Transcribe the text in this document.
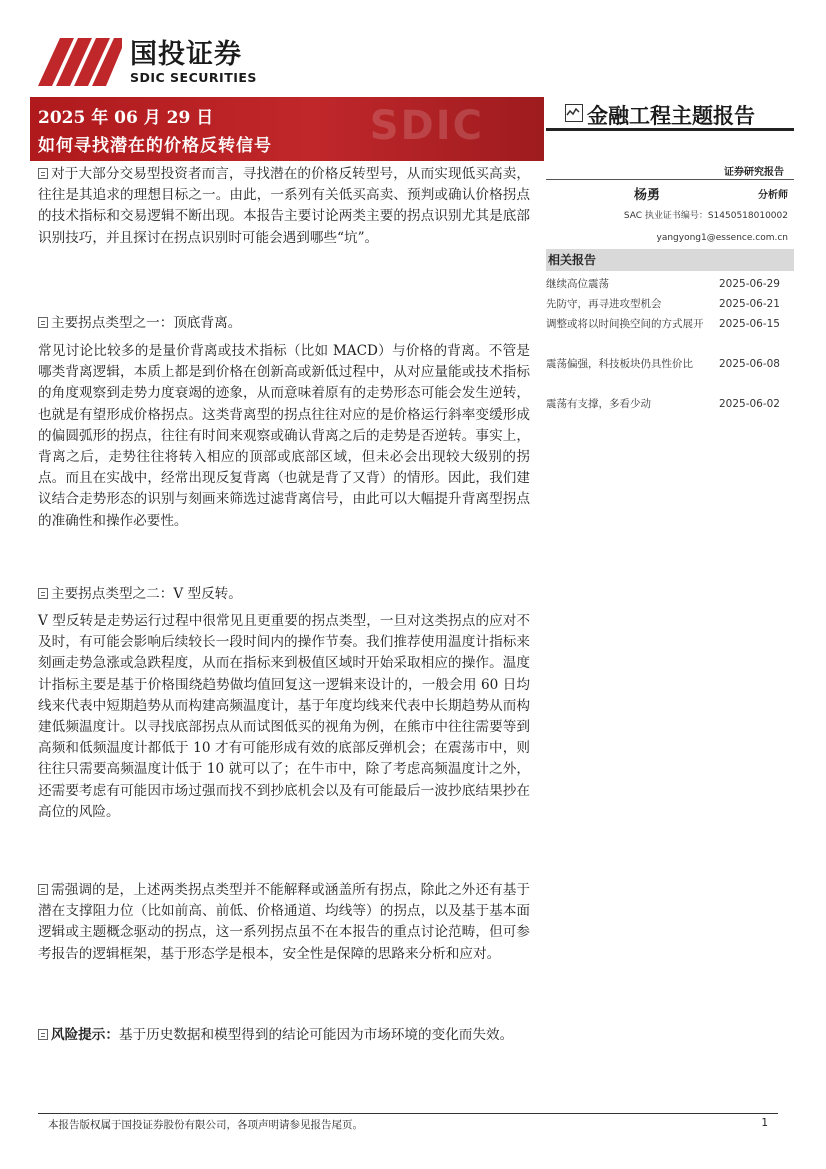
国投证券
SDIC SECURITIES
SDIC
2025 年 06 月 29 日
如何寻找潜在的价格反转信号
金融工程主题报告
证券研究报告
杨勇	分析师
SAC 执业证书编号：S1450518010002
yangyong1@essence.com.cn
相关报告
继续高位震荡	2025-06-29
先防守，再寻进攻型机会	2025-06-21
调整或将以时间换空间的方式展开	2025-06-15
震荡偏强，科技板块仍具性价比	2025-06-08
震荡有支撑，多看少动	2025-06-02

对于大部分交易型投资者而言，寻找潜在的价格反转型号，从而实现低买高卖，往往是其追求的理想目标之一。由此，一系列有关低买高卖、预判或确认价格拐点的技术指标和交易逻辑不断出现。本报告主要讨论两类主要的拐点识别尤其是底部识别技巧，并且探讨在拐点识别时可能会遇到哪些“坑”。

主要拐点类型之一：顶底背离。

常见讨论比较多的是量价背离或技术指标（比如 MACD）与价格的背离。不管是哪类背离逻辑，本质上都是到价格在创新高或新低过程中，从对应量能或技术指标的角度观察到走势力度衰竭的迹象，从而意味着原有的走势形态可能会发生逆转，也就是有望形成价格拐点。这类背离型的拐点往往对应的是价格运行斜率变缓形成的偏圆弧形的拐点，往往有时间来观察或确认背离之后的走势是否逆转。事实上，背离之后，走势往往将转入相应的顶部或底部区域，但未必会出现较大级别的拐点。而且在实战中，经常出现反复背离（也就是背了又背）的情形。因此，我们建议结合走势形态的识别与刻画来筛选过滤背离信号，由此可以大幅提升背离型拐点的准确性和操作必要性。

主要拐点类型之二：V 型反转。

V 型反转是走势运行过程中很常见且更重要的拐点类型，一旦对这类拐点的应对不及时，有可能会影响后续较长一段时间内的操作节奏。我们推荐使用温度计指标来刻画走势急涨或急跌程度，从而在指标来到极值区域时开始采取相应的操作。温度计指标主要是基于价格围绕趋势做均值回复这一逻辑来设计的，一般会用 60 日均线来代表中短期趋势从而构建高频温度计，基于年度均线来代表中长期趋势从而构建低频温度计。以寻找底部拐点从而试图低买的视角为例，在熊市中往往需要等到高频和低频温度计都低于 10 才有可能形成有效的底部反弹机会；在震荡市中，则往往只需要高频温度计低于 10 就可以了；在牛市中，除了考虑高频温度计之外，还需要考虑有可能因市场过强而找不到抄底机会以及有可能最后一波抄底结果抄在高位的风险。

需强调的是，上述两类拐点类型并不能解释或涵盖所有拐点，除此之外还有基于潜在支撑阻力位（比如前高、前低、价格通道、均线等）的拐点，以及基于基本面逻辑或主题概念驱动的拐点，这一系列拐点虽不在本报告的重点讨论范畴，但可参考报告的逻辑框架，基于形态学是根本，安全性是保障的思路来分析和应对。

风险提示：基于历史数据和模型得到的结论可能因为市场环境的变化而失效。

本报告版权属于国投证券股份有限公司，各项声明请参见报告尾页。	1
